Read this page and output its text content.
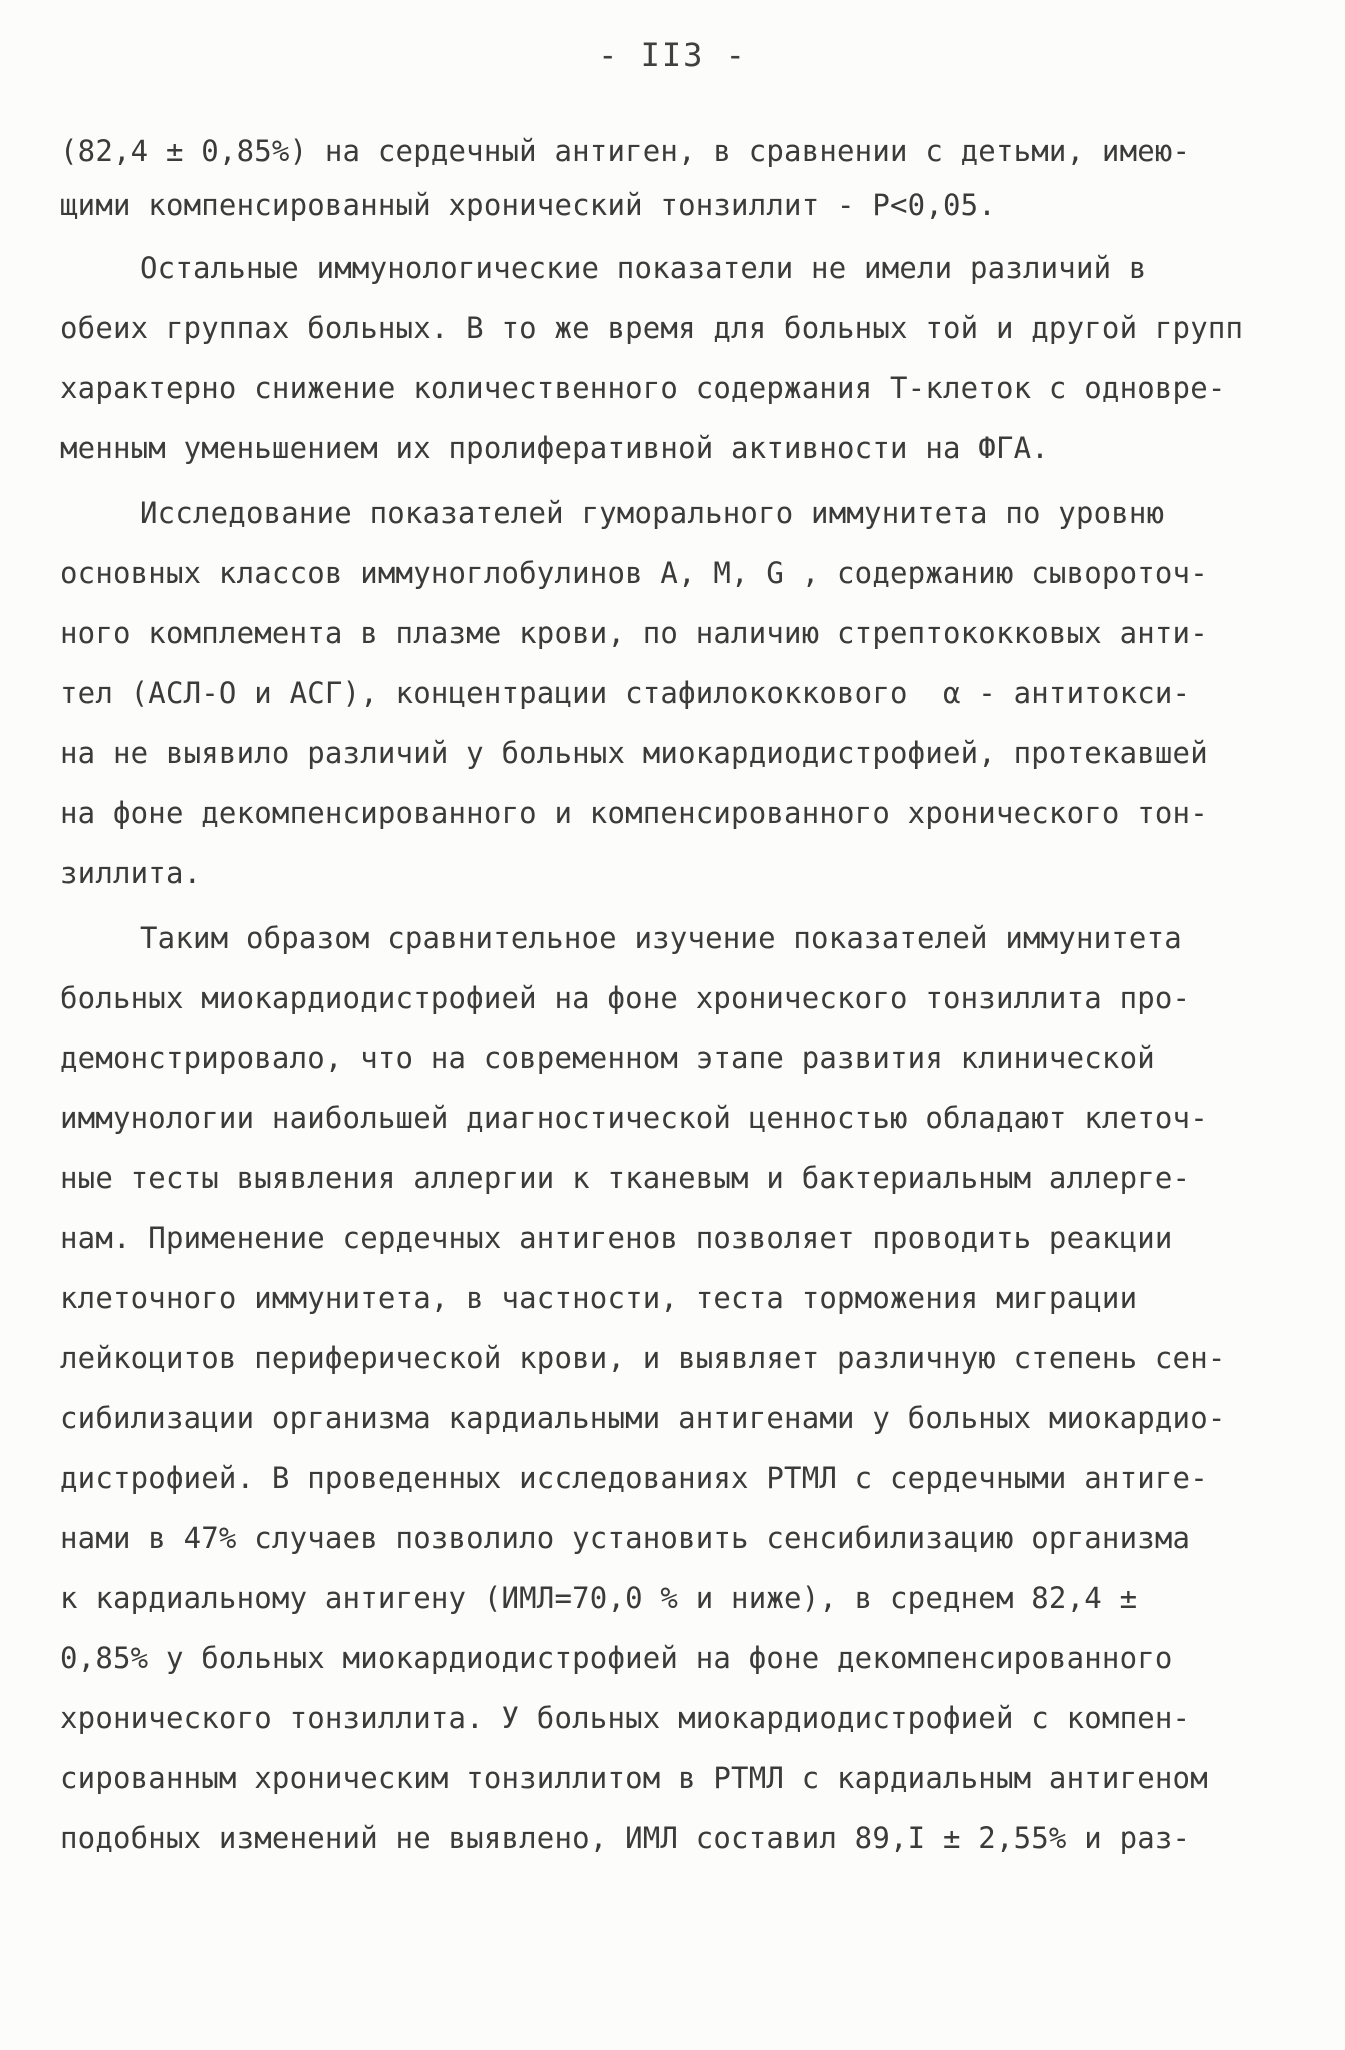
- II3 -
(82,4 ± 0,85%) на сердечный антиген, в сравнении с детьми, имею-
щими компенсированный хронический тонзиллит - Р<0,05.
Остальные иммунологические показатели не имели различий в
обеих группах больных. В то же время для больных той и другой групп
характерно снижение количественного содержания Т-клеток с одновре-
менным уменьшением их пролиферативной активности на ФГА.
Исследование показателей гуморального иммунитета по уровню
основных классов иммуноглобулинов А, М, G , содержанию сывороточ-
ного комплемента в плазме крови, по наличию стрептококковых анти-
тел (АСЛ-О и АСГ), концентрации стафилококкового  α - антитокси-
на не выявило различий у больных миокардиодистрофией, протекавшей
на фоне декомпенсированного и компенсированного хронического тон-
зиллита.
Таким образом сравнительное изучение показателей иммунитета
больных миокардиодистрофией на фоне хронического тонзиллита про-
демонстрировало, что на современном этапе развития клинической
иммунологии наибольшей диагностической ценностью обладают клеточ-
ные тесты выявления аллергии к тканевым и бактериальным аллерге-
нам. Применение сердечных антигенов позволяет проводить реакции
клеточного иммунитета, в частности, теста торможения миграции
лейкоцитов периферической крови, и выявляет различную степень сен-
сибилизации организма кардиальными антигенами у больных миокардио-
дистрофией. В проведенных исследованиях РТМЛ с сердечными антиге-
нами в 47% случаев позволило установить сенсибилизацию организма
к кардиальному антигену (ИМЛ=70,0 % и ниже), в среднем 82,4 ±
0,85% у больных миокардиодистрофией на фоне декомпенсированного
хронического тонзиллита. У больных миокардиодистрофией с компен-
сированным хроническим тонзиллитом в РТМЛ с кардиальным антигеном
подобных изменений не выявлено, ИМЛ составил 89,I ± 2,55% и раз-
